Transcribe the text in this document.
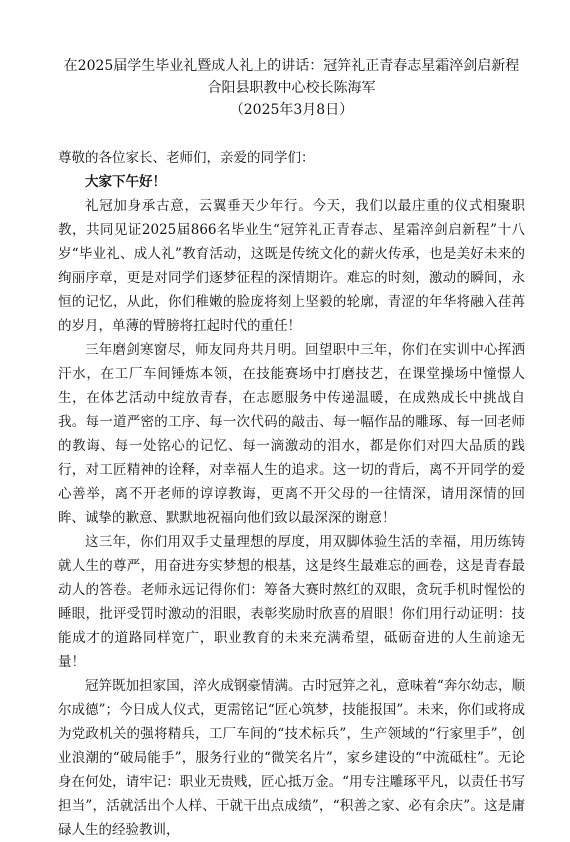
在2025届学生毕业礼暨成人礼上的讲话：冠笄礼正青春志星霜淬剑启新程
合阳县职教中心校长陈海军
（2025年3月8日）
尊敬的各位家长、老师们，亲爱的同学们：

大家下午好！

礼冠加身承古意，云翼垂天少年行。今天，我们以最庄重的仪式相聚职教，共同见证2025届866名毕业生“冠笄礼正青春志、星霜淬剑启新程”十八岁“毕业礼、成人礼”教育活动，这既是传统文化的薪火传承，也是美好未来的绚丽序章，更是对同学们逐梦征程的深情期许。难忘的时刻，激动的瞬间，永恒的记忆，从此，你们稚嫩的脸庞将刻上坚毅的轮廓，青涩的年华将融入荏苒的岁月，单薄的臂膀将扛起时代的重任！

三年磨剑寒窗尽，师友同舟共月明。回望职中三年，你们在实训中心挥洒汗水，在工厂车间锤炼本领，在技能赛场中打磨技艺，在课堂操场中憧憬人生，在体艺活动中绽放青春，在志愿服务中传递温暖，在成熟成长中挑战自我。每一道严密的工序、每一次代码的敲击、每一幅作品的雕琢、每一回老师的教诲、每一处铭心的记忆、每一滴激动的泪水，都是你们对四大品质的践行，对工匠精神的诠释，对幸福人生的追求。这一切的背后，离不开同学的爱心善举，离不开老师的谆谆教诲，更离不开父母的一往情深，请用深情的回眸、诚挚的歉意、默默地祝福向他们致以最深深的谢意！

这三年，你们用双手丈量理想的厚度，用双脚体验生活的幸福，用历练铸就人生的尊严，用奋进夯实梦想的根基，这是终生最难忘的画卷，这是青春最动人的答卷。老师永远记得你们：筹备大赛时熬红的双眼，贪玩手机时惺忪的睡眼，批评受罚时激动的泪眼，表彰奖励时欣喜的眉眼！你们用行动证明：技能成才的道路同样宽广，职业教育的未来充满希望，砥砺奋进的人生前途无量！

冠笄既加担家国，淬火成钢豪情满。古时冠笄之礼，意味着“奔尔幼志，顺尔成德”；今日成人仪式，更需铭记“匠心筑梦，技能报国”。未来，你们或将成为党政机关的强将精兵，工厂车间的“技术标兵”，生产领域的“行家里手”，创业浪潮的“破局能手”，服务行业的“微笑名片”，家乡建设的“中流砥柱”。无论身在何处，请牢记：职业无贵贱，匠心抵万金。“用专注雕琢平凡，以责任书写担当”，活就活出个人样、干就干出点成绩”，“积善之家、必有余庆”。这是庸碌人生的经验教训，
